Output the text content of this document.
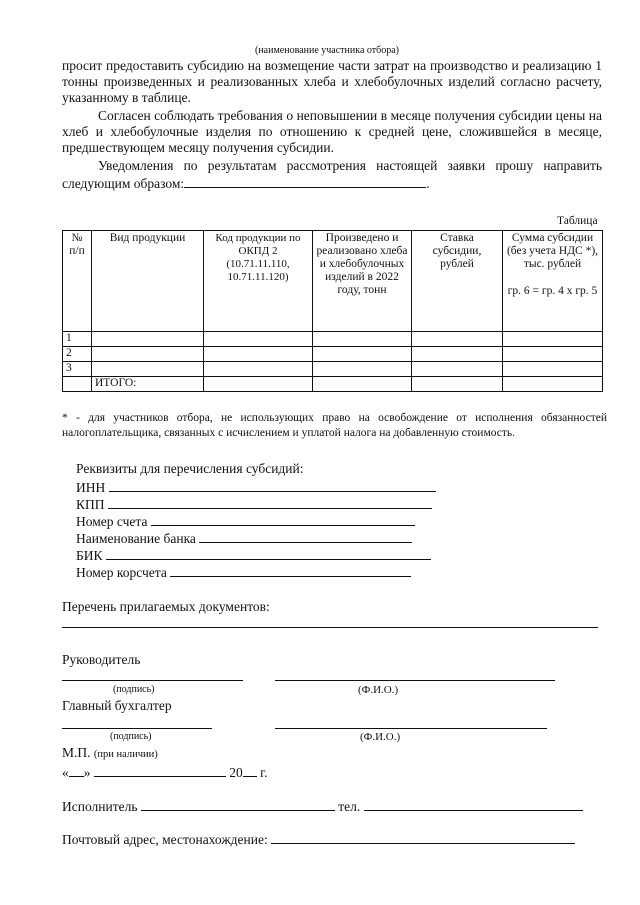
(наименование участника отбора)
просит предоставить субсидию на возмещение части затрат на производство и реализацию 1 тонны произведенных и реализованных хлеба и хлебобулочных изделий согласно расчету, указанному в таблице.
Согласен соблюдать требования о неповышении в месяце получения субсидии цены на хлеб и хлебобулочные изделия по отношению к средней цене, сложившейся в месяце, предшествующем месяцу получения субсидии.
Уведомления по результатам рассмотрения настоящей заявки прошу направить следующим образом:	.
Таблица
№ п/п	Вид продукции	Код продукции по ОКПД 2 (10.71.11.110, 10.71.11.120)	Произведено и реализовано хлеба и хлебобулочных изделий в 2022 году, тонн	Ставка субсидии, рублей	Сумма субсидии (без учета НДС *), тыс. рублей
гр. 6 = гр. 4 х гр. 5

1					
2					
3					
	ИТОГО:				
* - для участников отбора, не использующих право на освобождение от исполнения обязанностей налогоплательщика, связанных с исчислением и уплатой налога на добавленную стоимость.
Реквизиты для перечисления субсидий:
ИНН
КПП
Номер счета
Наименование банка
БИК
Номер корсчета
Перечень прилагаемых документов:
Руководитель
(подпись)	(Ф.И.О.)
Главный бухгалтер
(подпись)	(Ф.И.О.)
М.П. (при наличии)
« »	20 г.
Исполнитель	тел.
Почтовый адрес, местонахождение:
